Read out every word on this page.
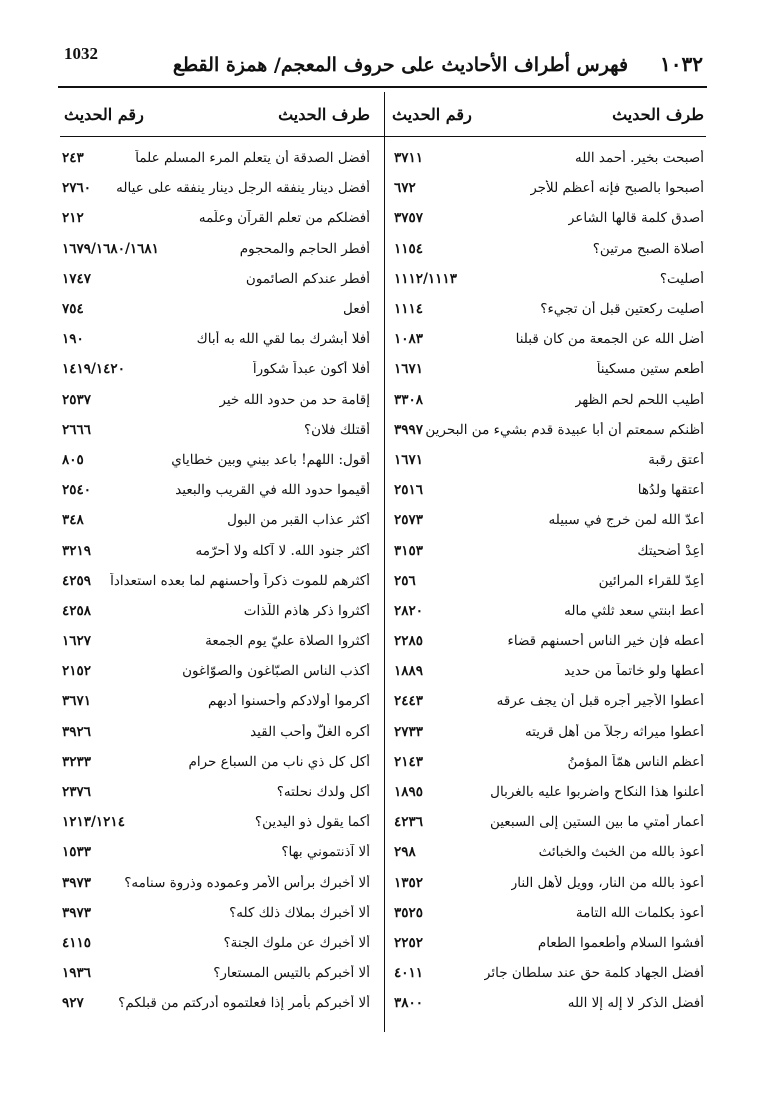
1032	١٠٣٢
فهرس أطراف الأحاديث على حروف المعجم/ همزة القطع
طرف الحديث
رقم الحديث
أصبحت بخير. أحمد الله
٣٧١١
أصبحوا بالصبح فإنه أعظم للأجر
٦٧٢
أصدق كلمة قالها الشاعر
٣٧٥٧
أصلاة الصبح مرتين؟
١١٥٤
أصليت؟
١١١٢/١١١٣
أصليت ركعتين قبل أن تجيء؟
١١١٤
أضل الله عن الجمعة من كان قبلنا
١٠٨٣
أطعم ستين مسكيناً
١٦٧١
أطيب اللحم لحم الظهر
٣٣٠٨
أظنكم سمعتم أن أبا عبيدة قدم بشيء من البحرين
٣٩٩٧
أعتق رقبة
١٦٧١
أعتقها ولدُها
٢٥١٦
أعدّ الله لمن خرج في سبيله
٢٥٧٣
أعِدْ أضحيتك
٣١٥٣
أعِدّ للقراء المرائين
٢٥٦
أعط ابنتي سعد ثلثي ماله
٢٨٢٠
أعطه فإن خير الناس أحسنهم قضاء
٢٢٨٥
أعطها ولو خاتماً من حديد
١٨٨٩
أعطوا الأجير أجره قبل أن يجف عرقه
٢٤٤٣
أعطوا ميراثه رجلاً من أهل قريته
٢٧٣٣
أعظم الناس همّاً المؤمنُ
٢١٤٣
أعلنوا هذا النكاح واضربوا عليه بالغربال
١٨٩٥
أعمار أمتي ما بين الستين إلى السبعين
٤٢٣٦
أعوذ بالله من الخبث والخبائث
٢٩٨
أعوذ بالله من النار، وويل لأهل النار
١٣٥٢
أعوذ بكلمات الله التامة
٣٥٢٥
أفشوا السلام وأطعموا الطعام
٢٢٥٢
أفضل الجهاد كلمة حق عند سلطان جائر
٤٠١١
أفضل الذكر لا إله إلا الله
٣٨٠٠
طرف الحديث
رقم الحديث
أفضل الصدقة أن يتعلم المرء المسلم علماً
٢٤٣
أفضل دينار ينفقه الرجل دينار ينفقه على عياله
٢٧٦٠
أفضلكم من تعلم القرآن وعلّمه
٢١٢
أفطر الحاجم والمحجوم
١٦٧٩/١٦٨٠/١٦٨١
أفطر عندكم الصائمون
١٧٤٧
أفعل
٧٥٤
أفلا أبشرك بما لقي الله به أباك
١٩٠
أفلا أكون عبداً شكوراً
١٤١٩/١٤٢٠
إقامة حد من حدود الله خير
٢٥٣٧
أقتلك فلان؟
٢٦٦٦
أقول: اللهم! باعد بيني وبين خطاياي
٨٠٥
أقيموا حدود الله في القريب والبعيد
٢٥٤٠
أكثر عذاب القبر من البول
٣٤٨
أكثر جنود الله. لا آكله ولا أحرّمه
٣٢١٩
أكثرهم للموت ذكراً وأحسنهم لما بعده استعداداً
٤٢٥٩
أكثروا ذكر هاذم اللّذات
٤٢٥٨
أكثروا الصلاة عليّ يوم الجمعة
١٦٢٧
أكذب الناس الصبّاغون والصوّاغون
٢١٥٢
أكرموا أولادكم وأحسنوا أدبهم
٣٦٧١
أكره الغلّ وأحب القيد
٣٩٢٦
أكل كل ذي ناب من السباع حرام
٣٢٣٣
أكل ولدك نحلته؟
٢٣٧٦
أكما يقول ذو اليدين؟
١٢١٣/١٢١٤
ألا آذنتموني بها؟
١٥٣٣
ألا أخبرك برأس الأمر وعموده وذروة سنامه؟
٣٩٧٣
ألا أخبرك بملاك ذلك كله؟
٣٩٧٣
ألا أخبرك عن ملوك الجنة؟
٤١١٥
ألا أخبركم بالتيس المستعار؟
١٩٣٦
ألا أخبركم بأمر إذا فعلتموه أدركتم من قبلكم؟
٩٢٧
